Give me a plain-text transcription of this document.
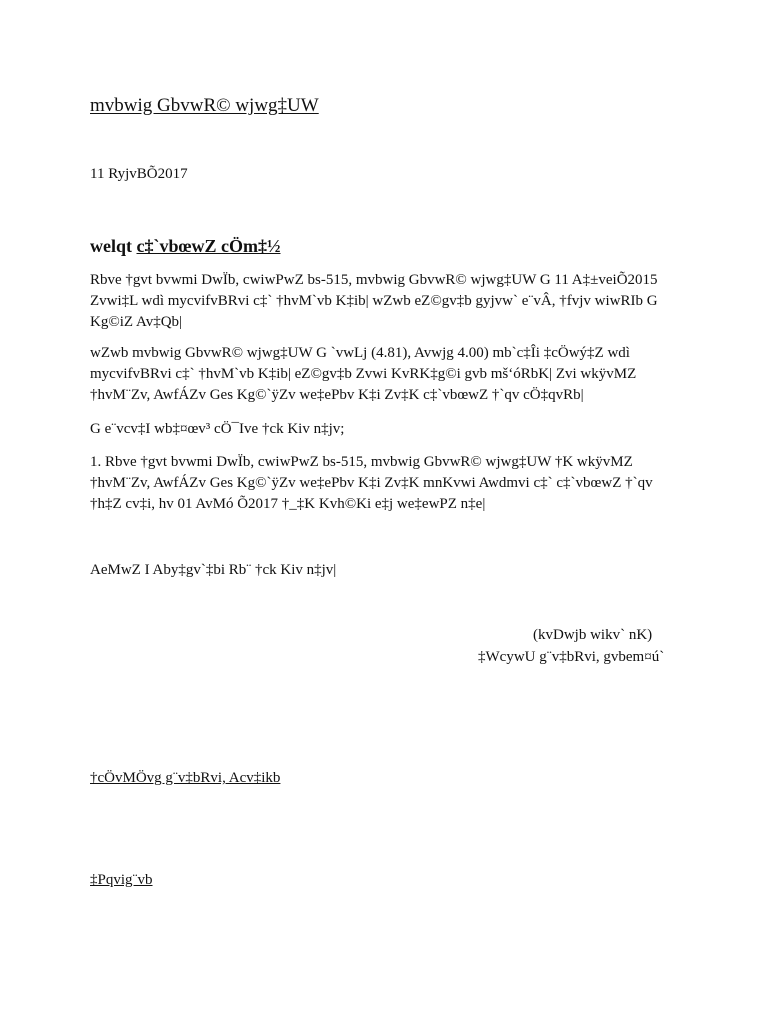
mvbwig GbvwR© wjwg‡UW
11 RyjvBÕ2017
welqt c‡`vbœwZ cÖm‡½
Rbve †gvt bvwmi DwÏb, cwiwPwZ bs-515, mvbwig GbvwR© wjwg‡UW G 11 A‡±veiÕ2015
Zvwi‡L wdì mycvifvBRvi c‡` †hvM`vb K‡ib| wZwb eZ©gv‡b gyjvw` e¨vÂ, †fvjv wiwRIb G
Kg©iZ Av‡Qb|
wZwb mvbwig GbvwR© wjwg‡UW G `vwLj (4.81), Avwjg 4.00) mb`c‡Îi ‡cÖwý‡Z wdì
mycvifvBRvi c‡` †hvM`vb K‡ib| eZ©gv‡b Zvwi KvRK‡g©i gvb mš‘óRbK| Zvi wkÿvMZ
†hvM¨Zv, AwfÁZv Ges Kg©`ÿZv we‡ePbv K‡i Zv‡K c‡`vbœwZ †`qv cÖ‡qvRb|
G e¨vcv‡I wb‡¤œv³ cÖ¯Ive †ck Kiv n‡jv;
1. Rbve †gvt bvwmi DwÏb, cwiwPwZ bs-515, mvbwig GbvwR© wjwg‡UW †K wkÿvMZ
†hvM¨Zv, AwfÁZv Ges Kg©`ÿZv we‡ePbv K‡i Zv‡K mnKvwi Awdmvi c‡` c‡`vbœwZ †`qv
†h‡Z cv‡i, hv 01 AvMó Õ2017 †_‡K Kvh©Ki e‡j we‡ewPZ n‡e|
AeMwZ I Aby‡gv`‡bi Rb¨ †ck Kiv n‡jv|
(kvDwjb wikv` nK)
‡WcywU g¨v‡bRvi, gvbem¤ú`
†cÖvMÖvg g¨v‡bRvi, Acv‡ikb
‡Pqvig¨vb
